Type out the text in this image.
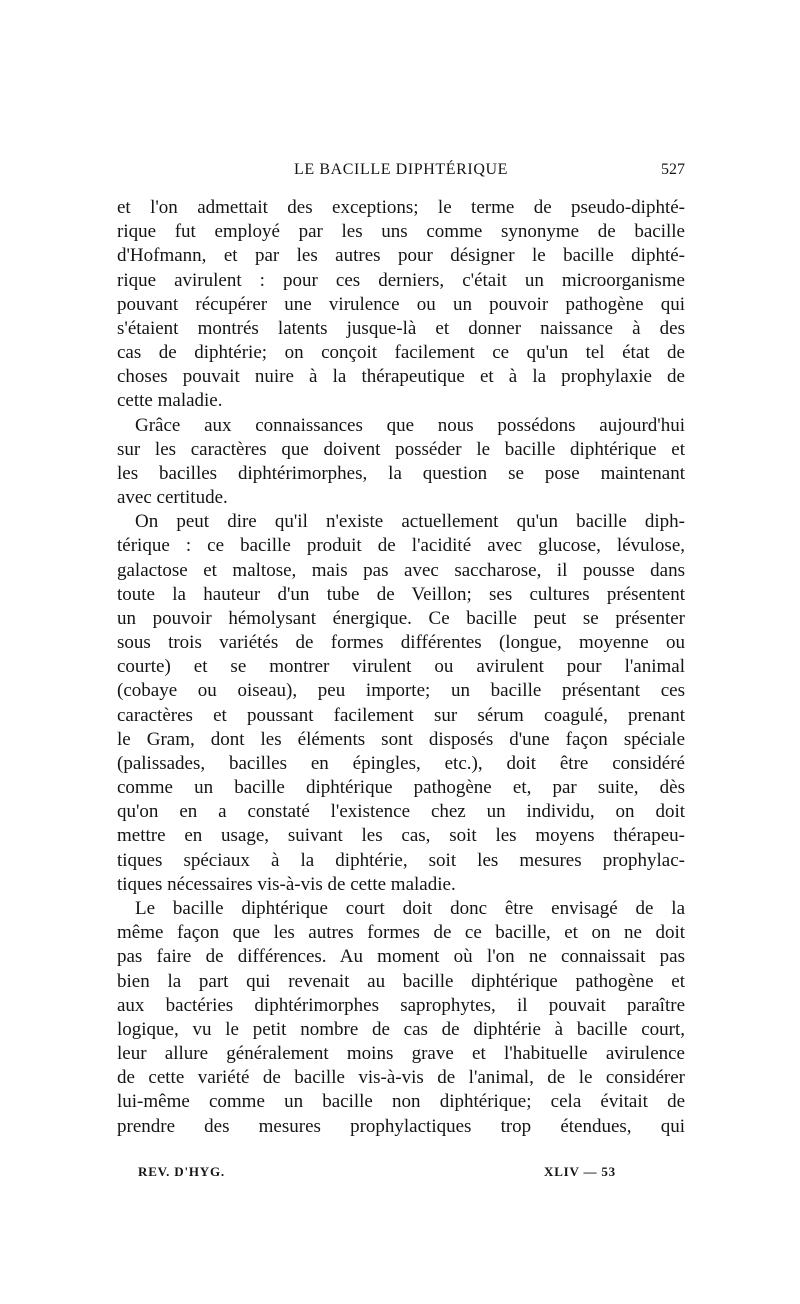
LE BACILLE DIPHTÉRIQUE	527
et l'on admettait des exceptions; le terme de pseudo-diphté-
rique fut employé par les uns comme synonyme de bacille
d'Hofmann, et par les autres pour désigner le bacille diphté-
rique avirulent : pour ces derniers, c'était un microorganisme
pouvant récupérer une virulence ou un pouvoir pathogène qui
s'étaient montrés latents jusque-là et donner naissance à des
cas de diphtérie; on conçoit facilement ce qu'un tel état de
choses pouvait nuire à la thérapeutique et à la prophylaxie de
cette maladie.
Grâce aux connaissances que nous possédons aujourd'hui
sur les caractères que doivent posséder le bacille diphtérique et
les bacilles diphtérimorphes, la question se pose maintenant
avec certitude.
On peut dire qu'il n'existe actuellement qu'un bacille diph-
térique : ce bacille produit de l'acidité avec glucose, lévulose,
galactose et maltose, mais pas avec saccharose, il pousse dans
toute la hauteur d'un tube de Veillon; ses cultures présentent
un pouvoir hémolysant énergique. Ce bacille peut se présenter
sous trois variétés de formes différentes (longue, moyenne ou
courte) et se montrer virulent ou avirulent pour l'animal
(cobaye ou oiseau), peu importe; un bacille présentant ces
caractères et poussant facilement sur sérum coagulé, prenant
le Gram, dont les éléments sont disposés d'une façon spéciale
(palissades, bacilles en épingles, etc.), doit être considéré
comme un bacille diphtérique pathogène et, par suite, dès
qu'on en a constaté l'existence chez un individu, on doit
mettre en usage, suivant les cas, soit les moyens thérapeu-
tiques spéciaux à la diphtérie, soit les mesures prophylac-
tiques nécessaires vis-à-vis de cette maladie.
Le bacille diphtérique court doit donc être envisagé de la
même façon que les autres formes de ce bacille, et on ne doit
pas faire de différences. Au moment où l'on ne connaissait pas
bien la part qui revenait au bacille diphtérique pathogène et
aux bactéries diphtérimorphes saprophytes, il pouvait paraître
logique, vu le petit nombre de cas de diphtérie à bacille court,
leur allure généralement moins grave et l'habituelle avirulence
de cette variété de bacille vis-à-vis de l'animal, de le considérer
lui-même comme un bacille non diphtérique; cela évitait de
prendre des mesures prophylactiques trop étendues, qui
REV. D'HYG.	XLIV — 53
